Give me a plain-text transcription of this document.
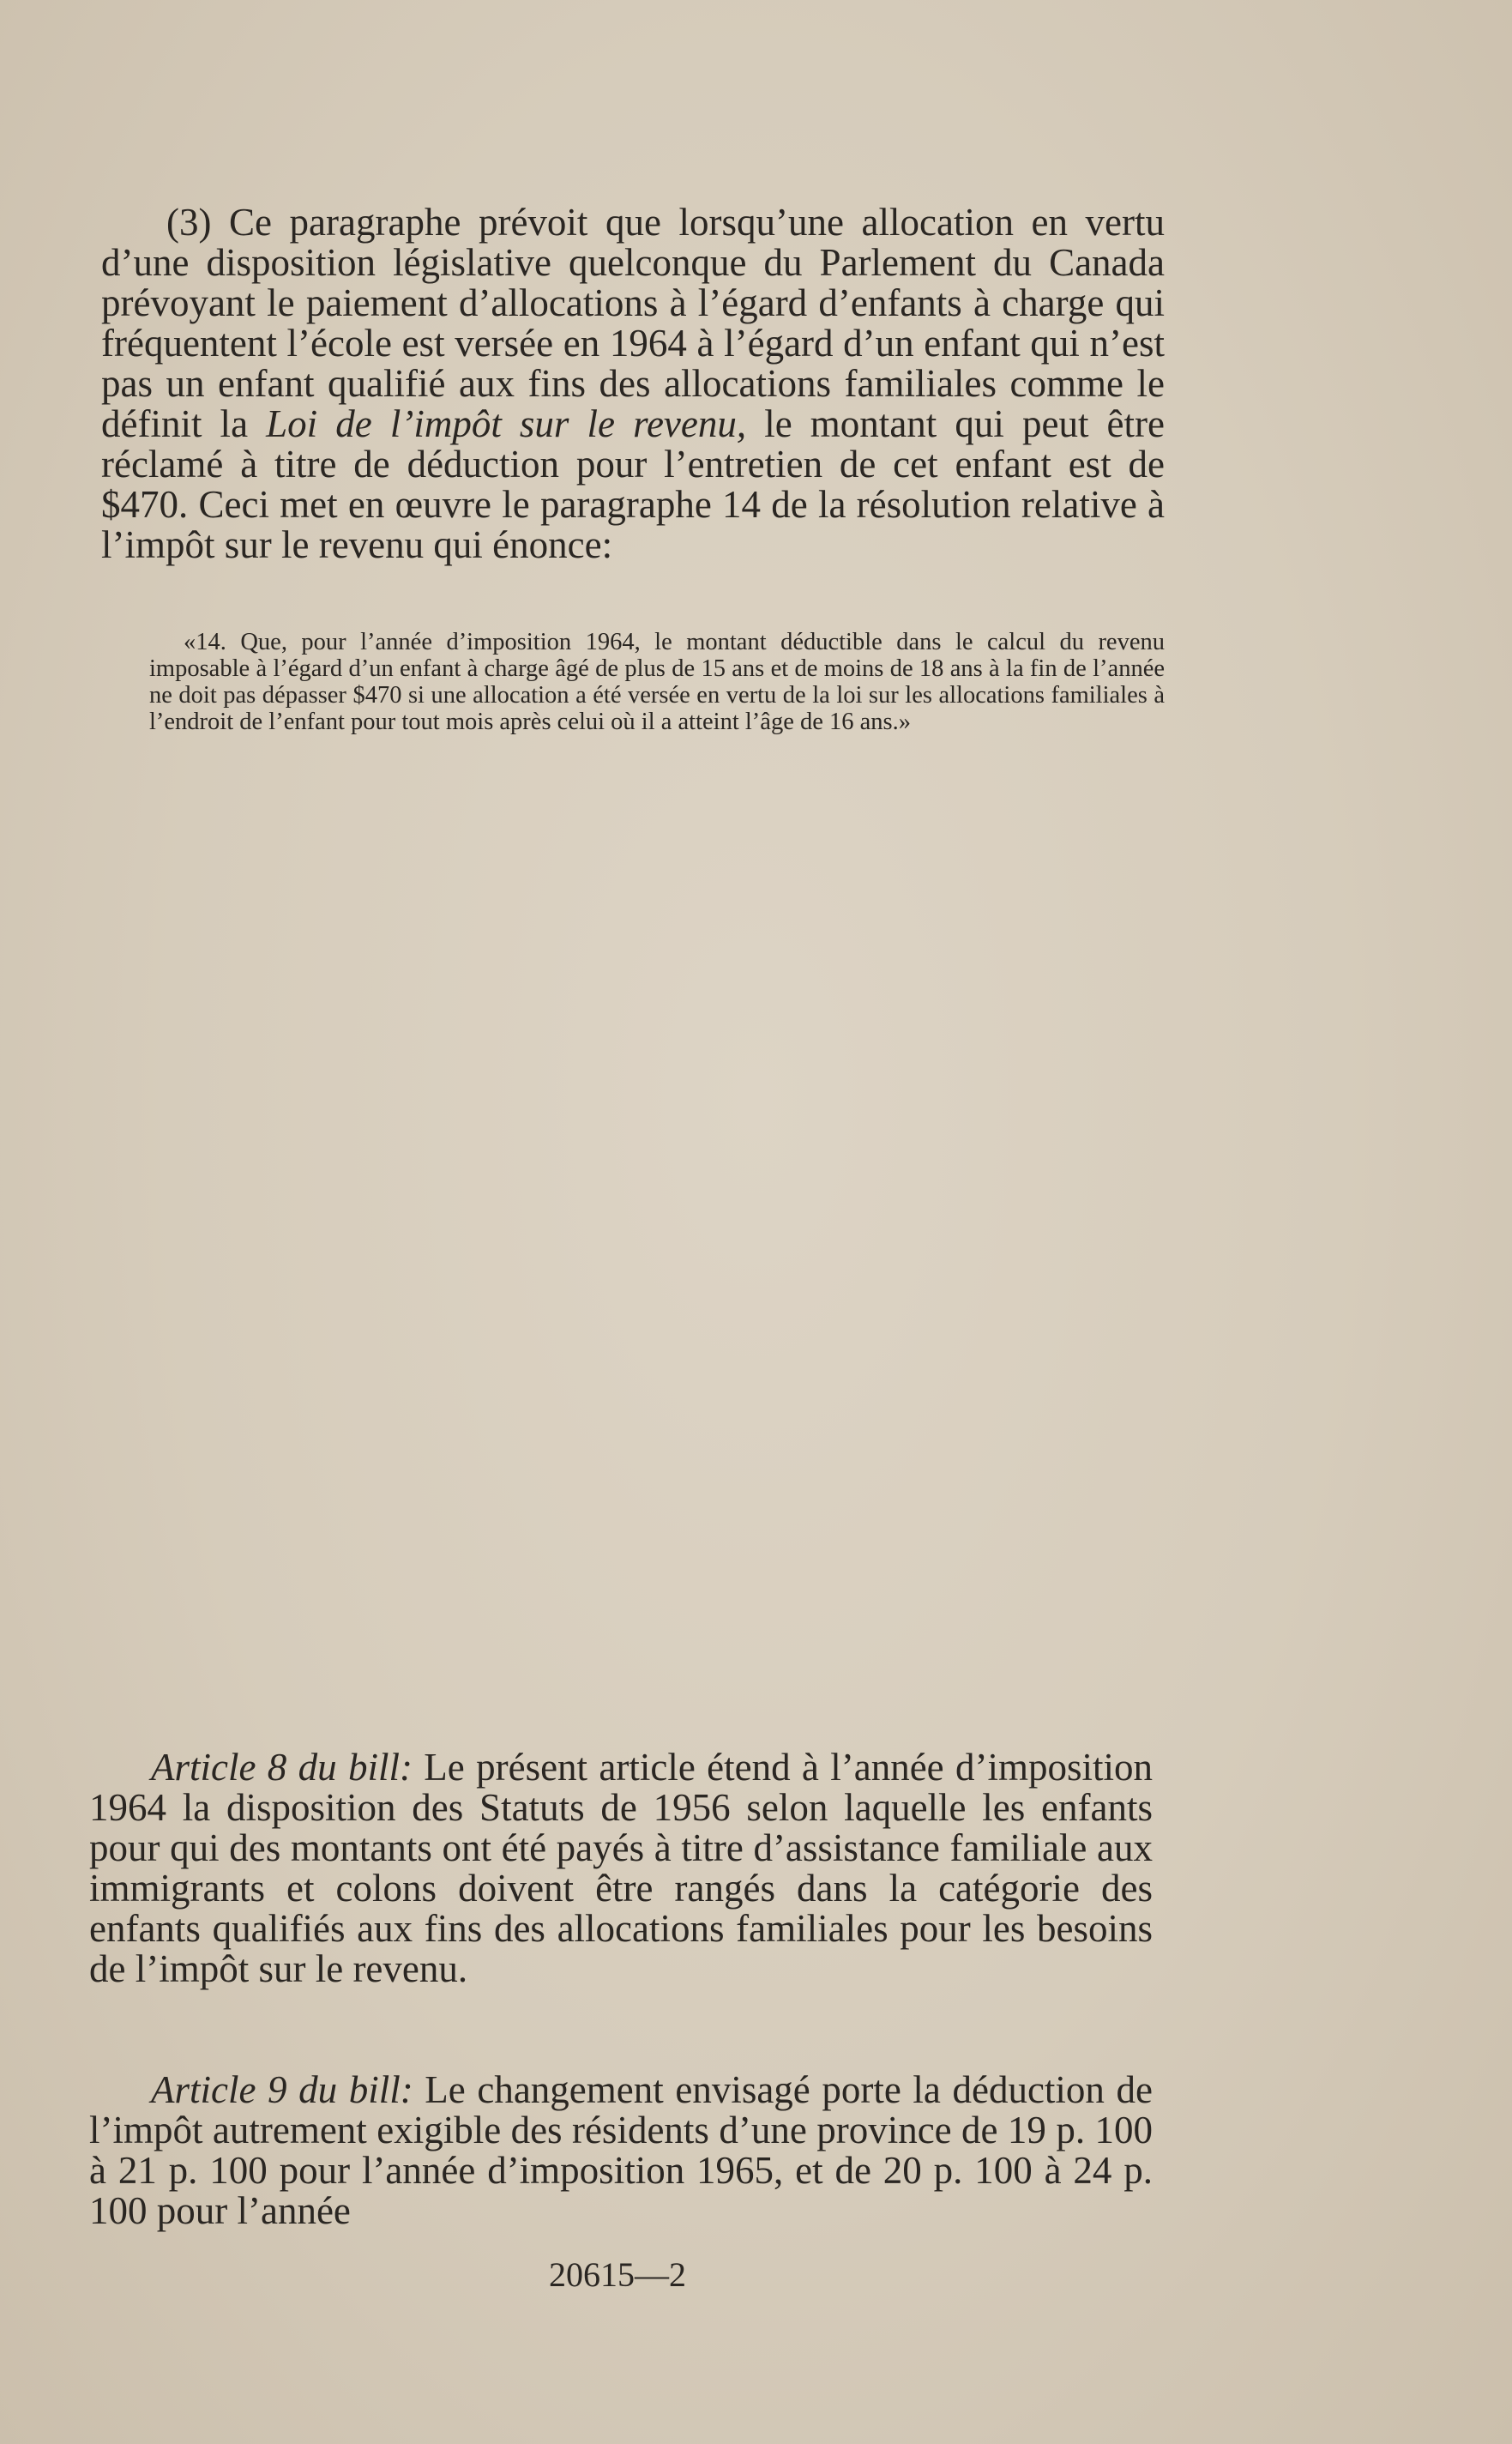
(3) Ce paragraphe prévoit que lorsqu’une allocation en vertu d’une disposition législative quelconque du Parlement du Canada prévoyant le paiement d’allocations à l’égard d’enfants à charge qui fréquentent l’école est versée en 1964 à l’égard d’un enfant qui n’est pas un enfant qualifié aux fins des allocations familiales comme le définit la Loi de l’impôt sur le revenu, le montant qui peut être réclamé à titre de déduction pour l’entretien de cet enfant est de $470. Ceci met en œuvre le paragraphe 14 de la résolution relative à l’impôt sur le revenu qui énonce:

«14. Que, pour l’année d’imposition 1964, le montant déductible dans le calcul du revenu imposable à l’égard d’un enfant à charge âgé de plus de 15 ans et de moins de 18 ans à la fin de l’année ne doit pas dépasser $470 si une allocation a été versée en vertu de la loi sur les allocations familiales à l’endroit de l’enfant pour tout mois après celui où il a atteint l’âge de 16 ans.»

Article 8 du bill: Le présent article étend à l’année d’imposition 1964 la disposition des Statuts de 1956 selon laquelle les enfants pour qui des montants ont été payés à titre d’assistance familiale aux immigrants et colons doivent être rangés dans la catégorie des enfants qualifiés aux fins des allocations familiales pour les besoins de l’impôt sur le revenu.

Article 9 du bill: Le changement envisagé porte la déduction de l’impôt autrement exigible des résidents d’une province de 19 p. 100 à 21 p. 100 pour l’année d’imposition 1965, et de 20 p. 100 à 24 p. 100 pour l’année

20615—2
